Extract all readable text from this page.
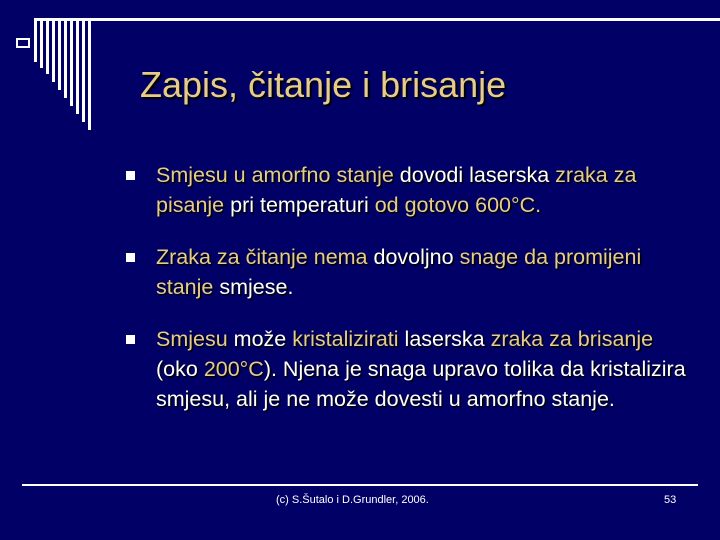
Zapis, čitanje i brisanje
Smjesu u amorfno stanje dovodi laserska zraka za pisanje pri temperaturi od gotovo 600°C.
Zraka za čitanje nema dovoljno snage da promijeni stanje smjese.
Smjesu može kristalizirati laserska zraka za brisanje (oko 200°C). Njena je snaga upravo tolika da kristalizira smjesu, ali je ne može dovesti u amorfno stanje.
(c) S.Šutalo i D.Grundler, 2006.	53
